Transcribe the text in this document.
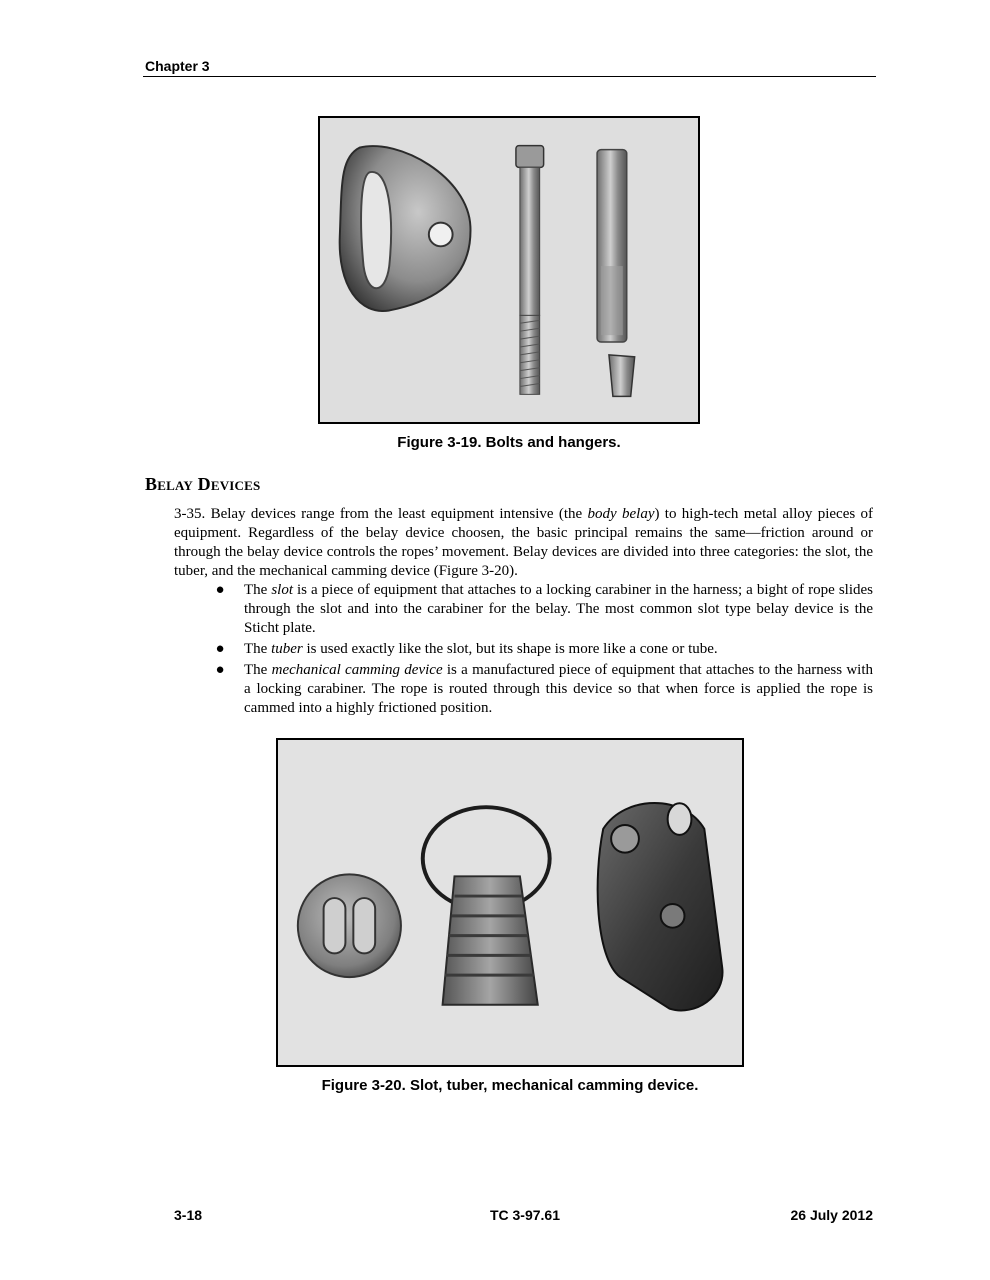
Chapter 3
Figure 3-19. Bolts and hangers.
Belay Devices

3-35. Belay devices range from the least equipment intensive (the body belay) to high-tech metal alloy pieces of equipment. Regardless of the belay device choosen, the basic principal remains the same—friction around or through the belay device controls the ropes’ movement. Belay devices are divided into three categories: the slot, the tuber, and the mechanical camming device (Figure 3-20).

● The slot is a piece of equipment that attaches to a locking carabiner in the harness; a bight of rope slides through the slot and into the carabiner for the belay. The most common slot type belay device is the Sticht plate.
● The tuber is used exactly like the slot, but its shape is more like a cone or tube.
● The mechanical camming device is a manufactured piece of equipment that attaches to the harness with a locking carabiner. The rope is routed through this device so that when force is applied the rope is cammed into a highly frictioned position.
Figure 3-20. Slot, tuber, mechanical camming device.
3-18	TC 3-97.61	26 July 2012
